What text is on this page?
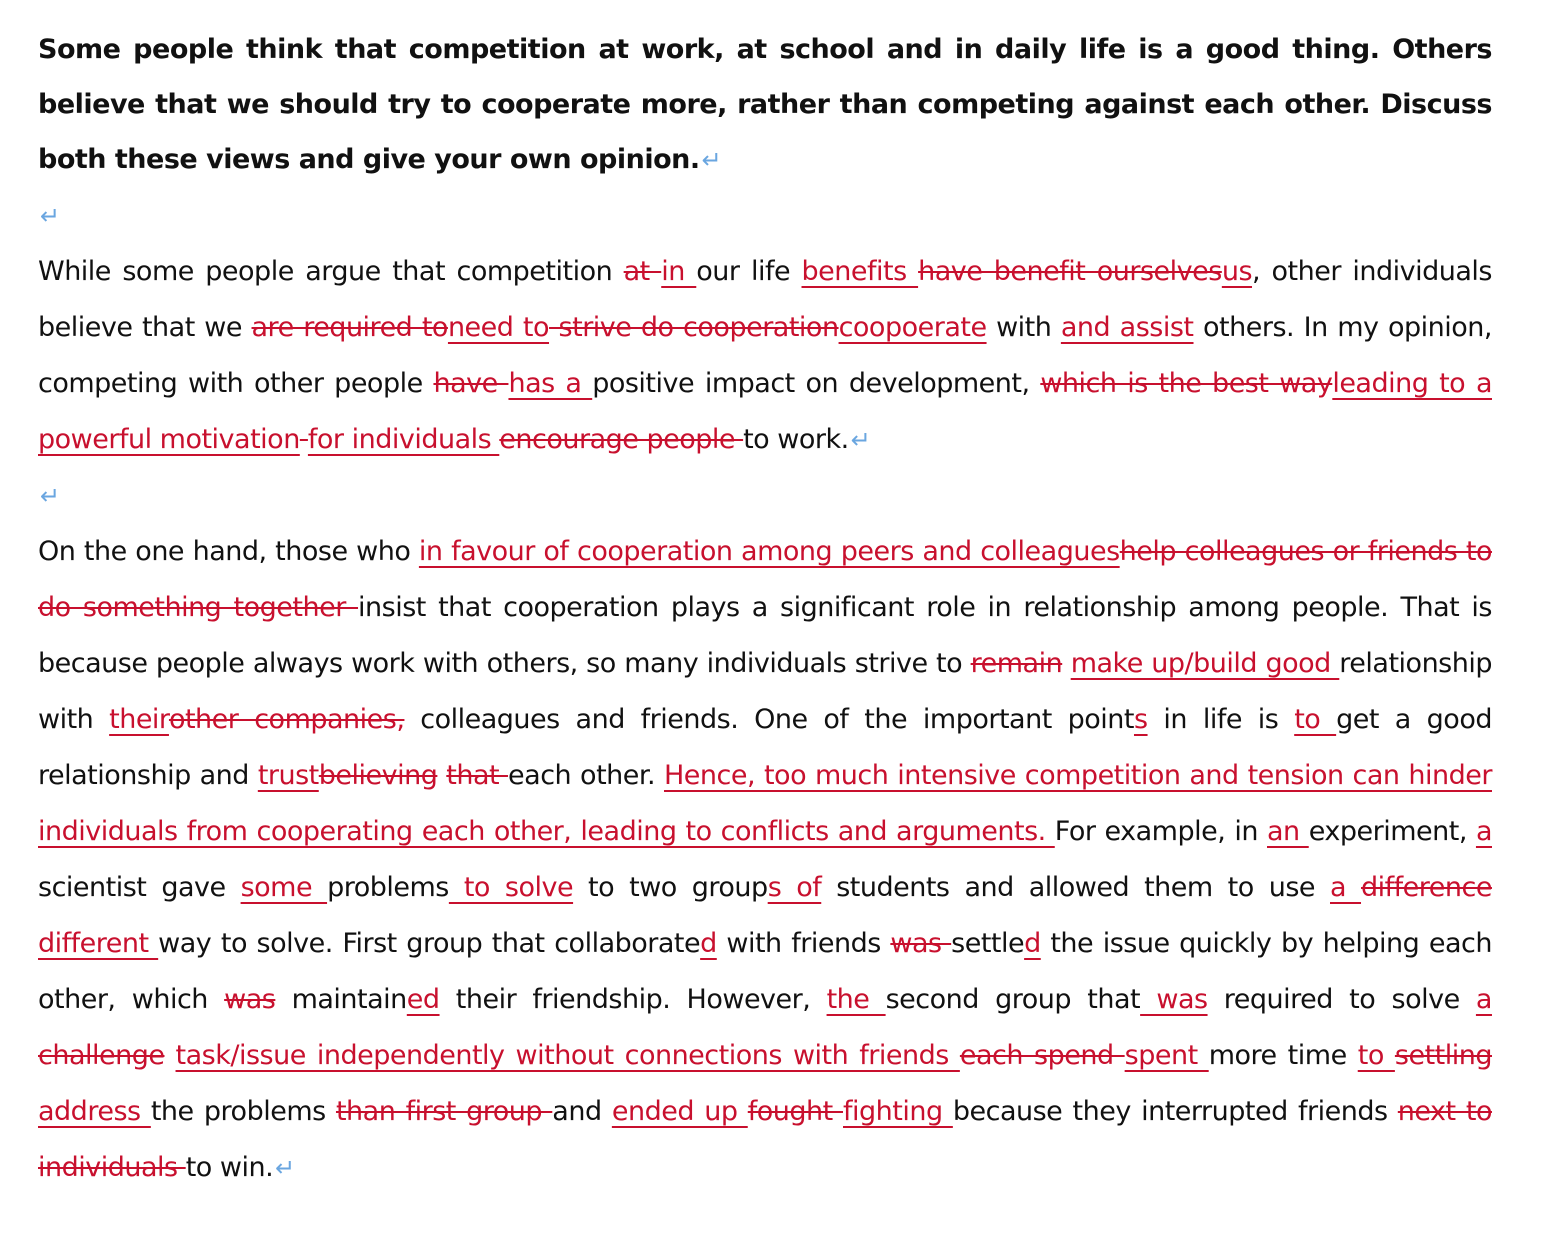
Some people think that competition at work, at school and in daily life is a good thing. Others believe that we should try to cooperate more, rather than competing against each other. Discuss both these views and give your own opinion.↵

↵

While some people argue that competition at in our life benefits have benefit ourselvesus, other individuals believe that we are required toneed to strive do cooperationcoopoerate with and assist others. In my opinion, competing with other people have has a positive impact on development, which is the best wayleading to a powerful motivation for individuals encourage people to work.↵

↵

On the one hand, those who in favour of cooperation among peers and colleagueshelp colleagues or friends to do something together insist that cooperation plays a significant role in relationship among people. That is because people always work with others, so many individuals strive to remain make up/build good relationship with theirother companies, colleagues and friends. One of the important points in life is to get a good relationship and trustbelieving that each other. Hence, too much intensive competition and tension can hinder individuals from cooperating each other, leading to conflicts and arguments. For example, in an experiment, a scientist gave some problems to solve to two groups of students and allowed them to use a difference different way to solve. First group that collaborated with friends was settled the issue quickly by helping each other, which was maintained their friendship. However, the second group that was required to solve a challenge task/issue independently without connections with friends each spend spent more time to settling address the problems than first group and ended up fought fighting because they interrupted friends next to individuals to win.↵
